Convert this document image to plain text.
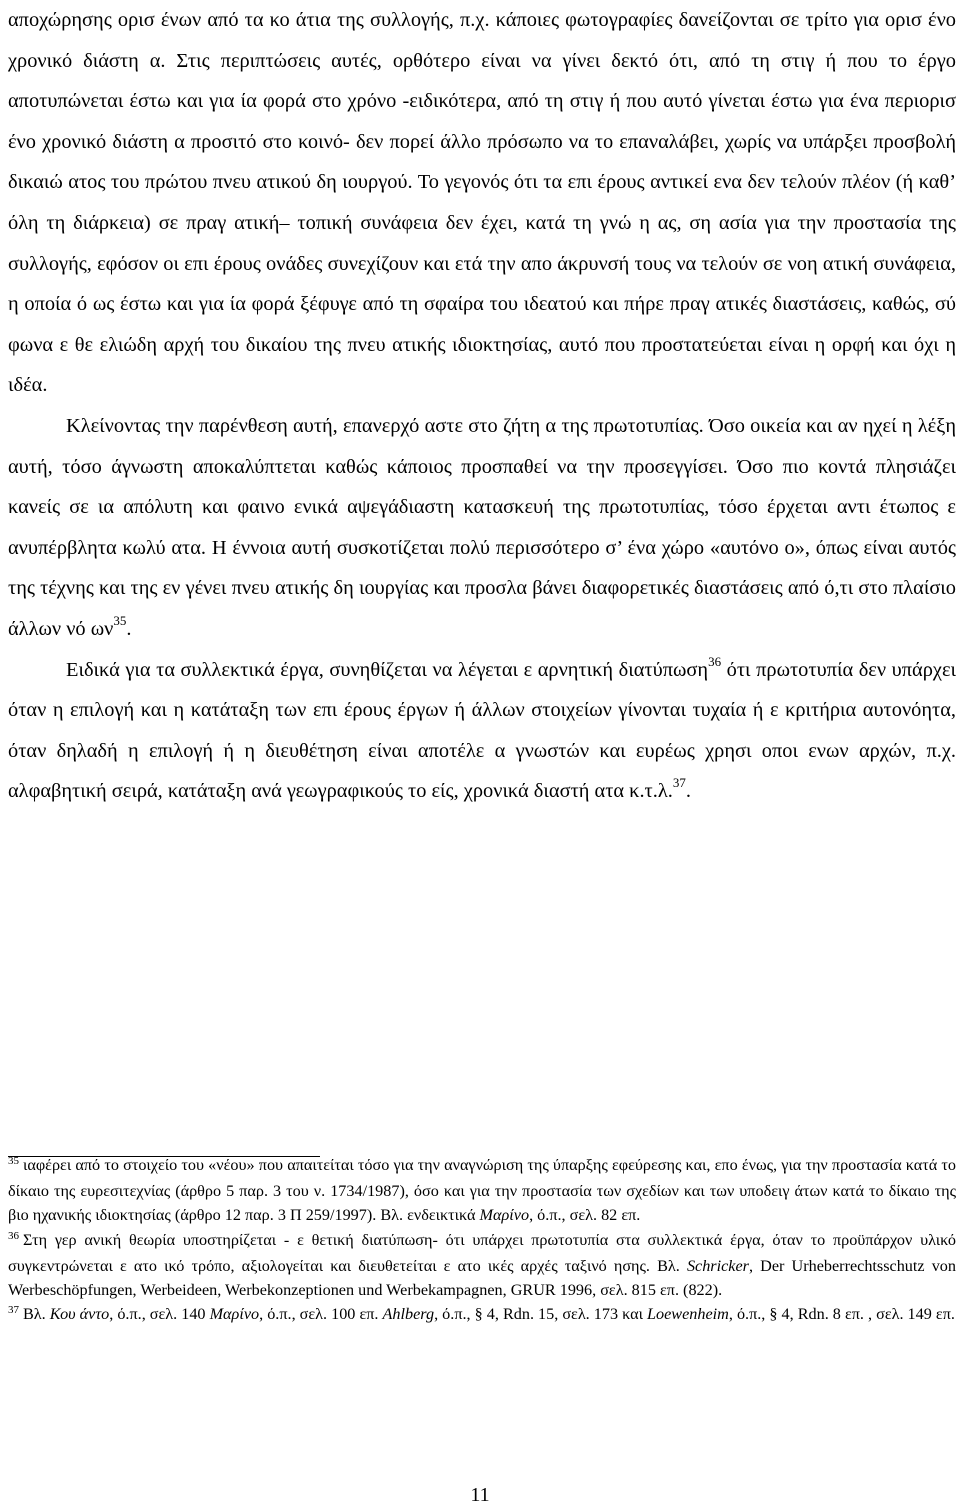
αποχώρησης ορισ ένων από τα κο άτια της συλλογής, π.χ. κάποιες φωτογραφίες δανείζονται σε τρίτο για ορισ ένο χρονικό διάστη α. Στις περιπτώσεις αυτές, ορθότερο είναι να γίνει δεκτό ότι, από τη στιγ ή που το έργο αποτυπώνεται έστω και για ία φορά στο χρόνο -ειδικότερα, από τη στιγ ή που αυτό γίνεται έστω για ένα περιορισ ένο χρονικό διάστη α προσιτό στο κοινό- δεν πορεί άλλο πρόσωπο να το επαναλάβει, χωρίς να υπάρξει προσβολή δικαιώ ατος του πρώτου πνευ ατικού δη ιουργού. Το γεγονός ότι τα επι έρους αντικεί ενα δεν τελούν πλέον (ή καθ’ όλη τη διάρκεια) σε πραγ ατική– τοπική συνάφεια δεν έχει, κατά τη γνώ η ας, ση ασία για την προστασία της συλλογής, εφόσον οι επι έρους ονάδες συνεχίζουν και ετά την απο άκρυνσή τους να τελούν σε νοη ατική συνάφεια, η οποία ό ως έστω και για ία φορά ξέφυγε από τη σφαίρα του ιδεατού και πήρε πραγ ατικές διαστάσεις, καθώς, σύ φωνα ε θε ελιώδη αρχή του δικαίου της πνευ ατικής ιδιοκτησίας, αυτό που προστατεύεται είναι η ορφή και όχι η ιδέα.

Κλείνοντας την παρένθεση αυτή, επανερχό αστε στο ζήτη α της πρωτοτυπίας. Όσο οικεία και αν ηχεί η λέξη αυτή, τόσο άγνωστη αποκαλύπτεται καθώς κάποιος προσπαθεί να την προσεγγίσει. Όσο πιο κοντά πλησιάζει κανείς σε ια απόλυτη και φαινο ενικά αψεγάδιαστη κατασκευή της πρωτοτυπίας, τόσο έρχεται αντι έτωπος ε ανυπέρβλητα κωλύ ατα. Η έννοια αυτή συσκοτίζεται πολύ περισσότερο σ’ ένα χώρο «αυτόνο ο», όπως είναι αυτός της τέχνης και της εν γένει πνευ ατικής δη ιουργίας και προσλα βάνει διαφορετικές διαστάσεις από ό,τι στο πλαίσιο άλλων νό $\omega\nu^{35}$.

Ειδικά για τα συλλεκτικά έργα, συνηθίζεται να λέγεται ε αρνητική διατύπωση$^{36}$ ότι πρωτοτυπία δεν υπάρχει όταν η επιλογή και η κατάταξη των επι έρους έργων ή άλλων στοιχείων γίνονται τυχαία ή ε κριτήρια αυτονόητα, όταν δηλαδή η επιλογή ή η διευθέτηση είναι αποτέλε α γνωστών και ευρέως χρησι οποι ενων αρχών, π.χ. αλφαβητική σειρά, κατάταξη ανά γεωγραφικούς το είς, χρονικά διαστή ατα κ.τ.λ.$^{37}$.

$^{35}$ ιαφέρει από το στοιχείο του «νέου» που απαιτείται τόσο για την αναγνώριση της ύπαρξης εφεύρεσης και, επο ένως, για την προστασία κατά το δίκαιο της ευρεσιτεχνίας (άρθρο 5 παρ. 3 του ν. 1734/1987), όσο και για την προστασία των σχεδίων και των υποδειγ άτων κατά το δίκαιο της βιο ηχανικής ιδιοκτησίας (άρθρο 12 παρ. 3 Π 259/1997). Βλ. ενδεικτικά Μαρίνο, ό.π., σελ. 82 επ.

$^{36}$ Στη γερ ανική θεωρία υποστηρίζεται - ε θετική διατύπωση- ότι υπάρχει πρωτοτυπία στα συλλεκτικά έργα, όταν το προϋπάρχον υλικό συγκεντρώνεται ε ατο ικό τρόπο, αξιολογείται και διευθετείται ε ατο ικές αρχές ταξινό ησης. Βλ. Schricker, Der Urheberrechtsschutz von Werbeschöpfungen, Werbeideen, Werbekonzeptionen und Werbekampagnen, GRUR 1996, σελ. 815 επ. (822).

$^{37}$ Βλ. Κου άντο, ό.π., σελ. 140 Μαρίνο, ό.π., σελ. 100 επ. Ahlberg, ό.π., § 4, Rdn. 15, σελ. 173 και Loewenheim, ό.π., § 4, Rdn. 8 επ. , σελ. 149 επ.

11
